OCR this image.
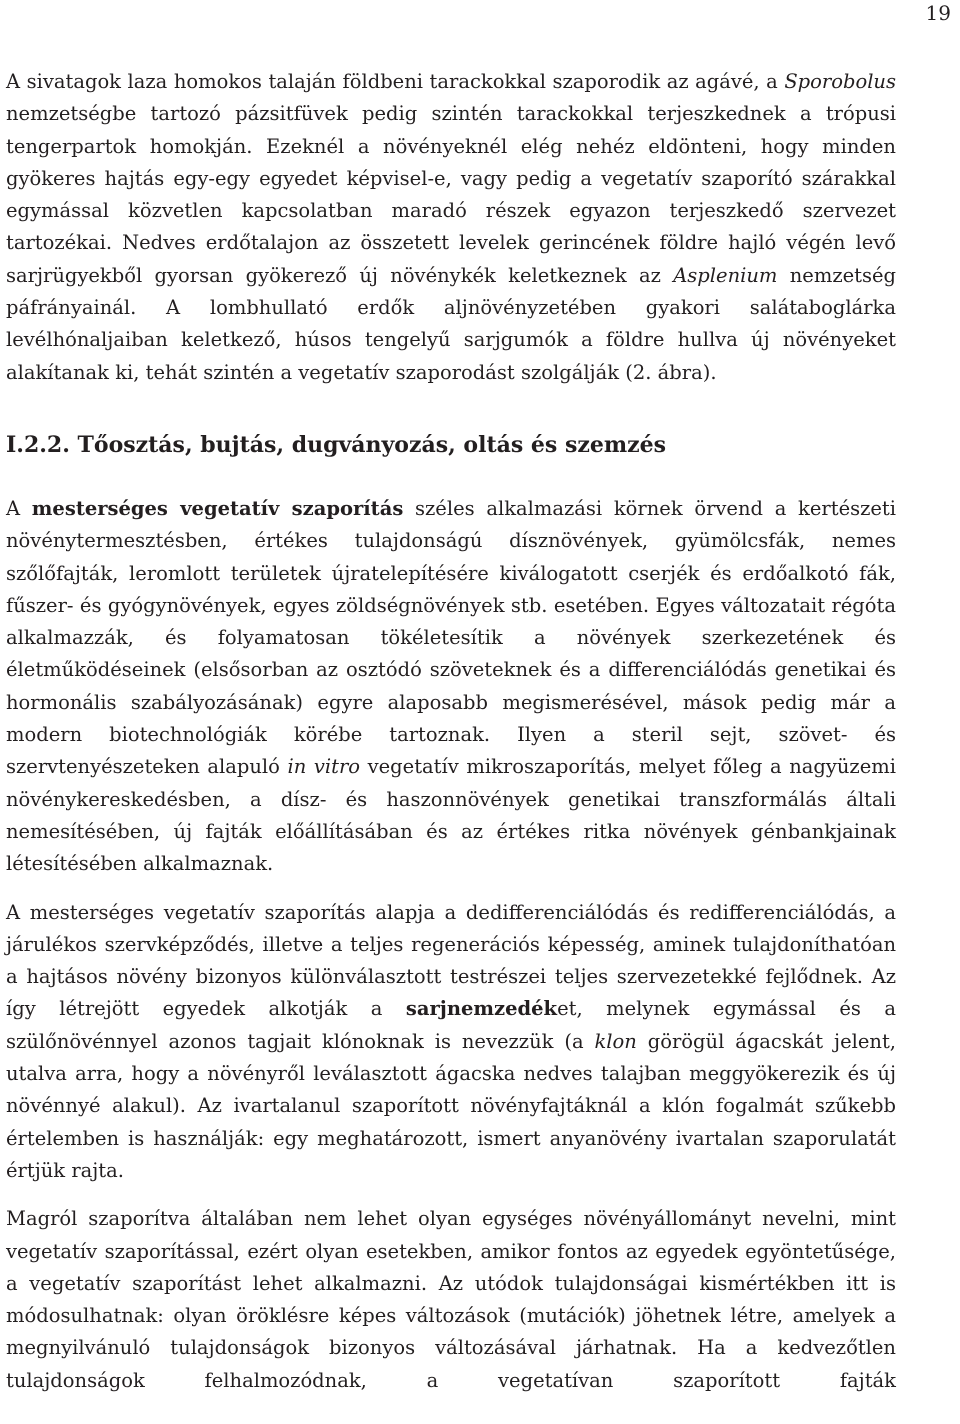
19

A sivatagok laza homokos talaján földbeni tarackokkal szaporodik az agávé, a Sporobolus nemzetségbe tartozó pázsitfüvek pedig szintén tarackokkal terjeszkednek a trópusi tengerpartok homokján. Ezeknél a növényeknél elég nehéz eldönteni, hogy minden gyökeres hajtás egy-egy egyedet képvisel-e, vagy pedig a vegetatív szaporító szárakkal egymással közvetlen kapcsolatban maradó részek egyazon terjeszkedő szervezet tartozékai. Nedves erdőtalajon az összetett levelek gerincének földre hajló végén levő sarjrügyekből gyorsan gyökerező új növénykék keletkeznek az Asplenium nemzetség páfrányainál. A lombhullató erdők aljnövényzetében gyakori salátaboglárka levélhónaljaiban keletkező, húsos tengelyű sarjgumók a földre hullva új növényeket alakítanak ki, tehát szintén a vegetatív szaporodást szolgálják (2. ábra).

I.2.2. Tőosztás, bujtás, dugványozás, oltás és szemzés

A mesterséges vegetatív szaporítás széles alkalmazási körnek örvend a kertészeti növénytermesztésben, értékes tulajdonságú dísznövények, gyümölcsfák, nemes szőlőfajták, leromlott területek újratelepítésére kiválogatott cserjék és erdőalkotó fák, fűszer- és gyógynövények, egyes zöldségnövények stb. esetében. Egyes változatait régóta alkalmazzák, és folyamatosan tökéletesítik a növények szerkezetének és életműködéseinek (elsősorban az osztódó szöveteknek és a differenciálódás genetikai és hormonális szabályozásának) egyre alaposabb megismerésével, mások pedig már a modern biotechnológiák körébe tartoznak. Ilyen a steril sejt, szövet- és szervtenyészeteken alapuló in vitro vegetatív mikroszaporítás, melyet főleg a nagyüzemi növénykereskedésben, a dísz- és haszonnövények genetikai transzformálás általi nemesítésében, új fajták előállításában és az értékes ritka növények génbankjainak létesítésében alkalmaznak.

A mesterséges vegetatív szaporítás alapja a dedifferenciálódás és redifferenciálódás, a járulékos szervképződés, illetve a teljes regenerációs képesség, aminek tulajdoníthatóan a hajtásos növény bizonyos különválasztott testrészei teljes szervezetekké fejlődnek. Az így létrejött egyedek alkotják a sarjnemzedéket, melynek egymással és a szülőnövénnyel azonos tagjait klónoknak is nevezzük (a klon görögül ágacskát jelent, utalva arra, hogy a növényről leválasztott ágacska nedves talajban meggyökerezik és új növénnyé alakul). Az ivartalanul szaporított növényfajtáknál a klón fogalmát szűkebb értelemben is használják: egy meghatározott, ismert anyanövény ivartalan szaporulatát értjük rajta.

Magról szaporítva általában nem lehet olyan egységes növényállományt nevelni, mint vegetatív szaporítással, ezért olyan esetekben, amikor fontos az egyedek egyöntetűsége, a vegetatív szaporítást lehet alkalmazni. Az utódok tulajdonságai kismértékben itt is módosulhatnak: olyan öröklésre képes változások (mutációk) jöhetnek létre, amelyek a megnyilvánuló tulajdonságok bizonyos változásával járhatnak. Ha a kedvezőtlen tulajdonságok felhalmozódnak, a vegetatívan szaporított fajták
